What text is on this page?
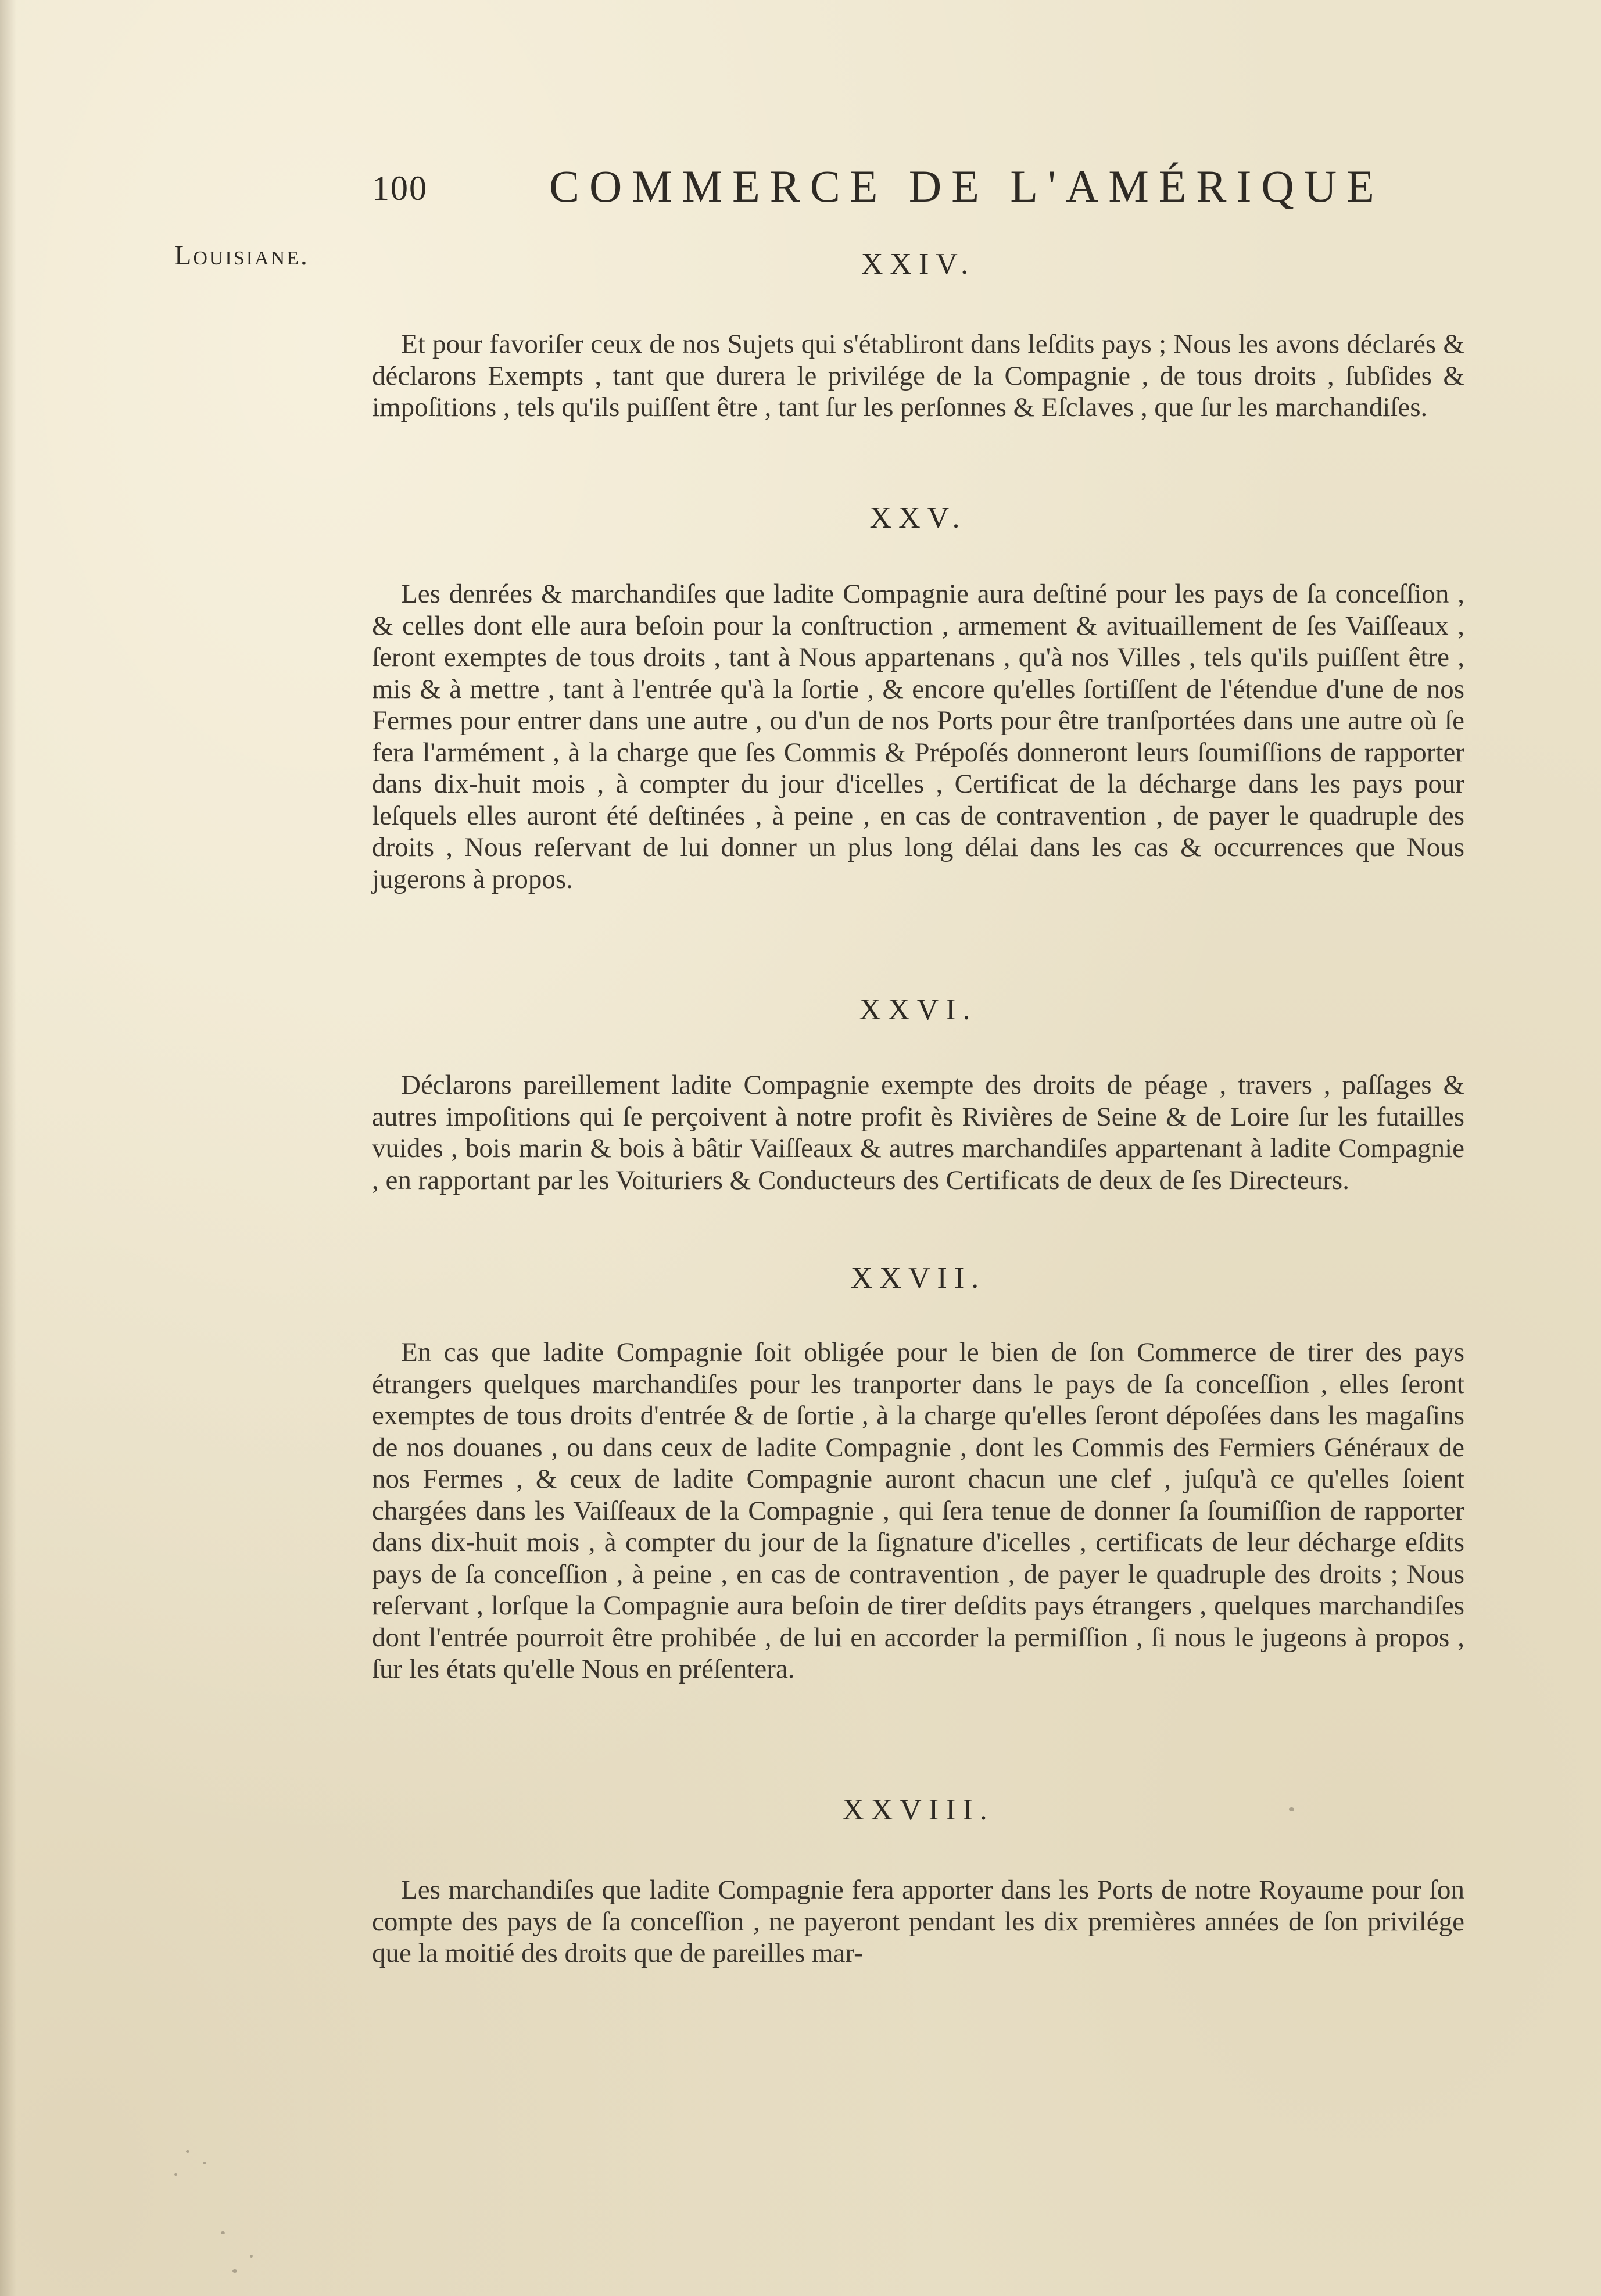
100	COMMERCE DE L'AMÉRIQUE
Louisiane.	XXIV.
Et pour favoriſer ceux de nos Sujets qui s'établiront dans leſdits pays ; Nous les avons déclarés & déclarons Exempts , tant que durera le privilége de la Compagnie , de tous droits , ſubſides & impoſitions , tels qu'ils puiſſent être , tant ſur les perſonnes & Eſclaves , que ſur les marchandiſes.
XXV.
Les denrées & marchandiſes que ladite Compagnie aura deſtiné pour les pays de ſa conceſſion , & celles dont elle aura beſoin pour la conſtruction , armement & avituaillement de ſes Vaiſſeaux , ſeront exemptes de tous droits , tant à Nous appartenans , qu'à nos Villes , tels qu'ils puiſſent être , mis & à mettre , tant à l'entrée qu'à la ſortie , & encore qu'elles ſortiſſent de l'étendue d'une de nos Fermes pour entrer dans une autre , ou d'un de nos Ports pour être tranſportées dans une autre où ſe fera l'armément , à la charge que ſes Commis & Prépoſés donneront leurs ſoumiſſions de rapporter dans dix-huit mois , à compter du jour d'icelles , Certificat de la décharge dans les pays pour leſquels elles auront été deſtinées , à peine , en cas de contravention , de payer le quadruple des droits , Nous reſervant de lui donner un plus long délai dans les cas & occurrences que Nous jugerons à propos.
XXVI.
Déclarons pareillement ladite Compagnie exempte des droits de péage , travers , paſſages & autres impoſitions qui ſe perçoivent à notre profit ès Rivières de Seine & de Loire ſur les futailles vuides , bois marin & bois à bâtir Vaiſſeaux & autres marchandiſes appartenant à ladite Compagnie , en rapportant par les Voituriers & Conducteurs des Certificats de deux de ſes Directeurs.
XXVII.
En cas que ladite Compagnie ſoit obligée pour le bien de ſon Commerce de tirer des pays étrangers quelques marchandiſes pour les tranporter dans le pays de ſa conceſſion , elles ſeront exemptes de tous droits d'entrée & de ſortie , à la charge qu'elles ſeront dépoſées dans les magaſins de nos douanes , ou dans ceux de ladite Compagnie , dont les Commis des Fermiers Généraux de nos Fermes , & ceux de ladite Compagnie auront chacun une clef , juſqu'à ce qu'elles ſoient chargées dans les Vaiſſeaux de la Compagnie , qui ſera tenue de donner ſa ſoumiſſion de rapporter dans dix-huit mois , à compter du jour de la ſignature d'icelles , certificats de leur décharge eſdits pays de ſa conceſſion , à peine , en cas de contravention , de payer le quadruple des droits ; Nous reſervant , lorſque la Compagnie aura beſoin de tirer deſdits pays étrangers , quelques marchandiſes dont l'entrée pourroit être prohibée , de lui en accorder la permiſſion , ſi nous le jugeons à propos , ſur les états qu'elle Nous en préſentera.
XXVIII.
Les marchandiſes que ladite Compagnie fera apporter dans les Ports de notre Royaume pour ſon compte des pays de ſa conceſſion , ne payeront pendant les dix premières années de ſon privilége que la moitié des droits que de pareilles mar-
